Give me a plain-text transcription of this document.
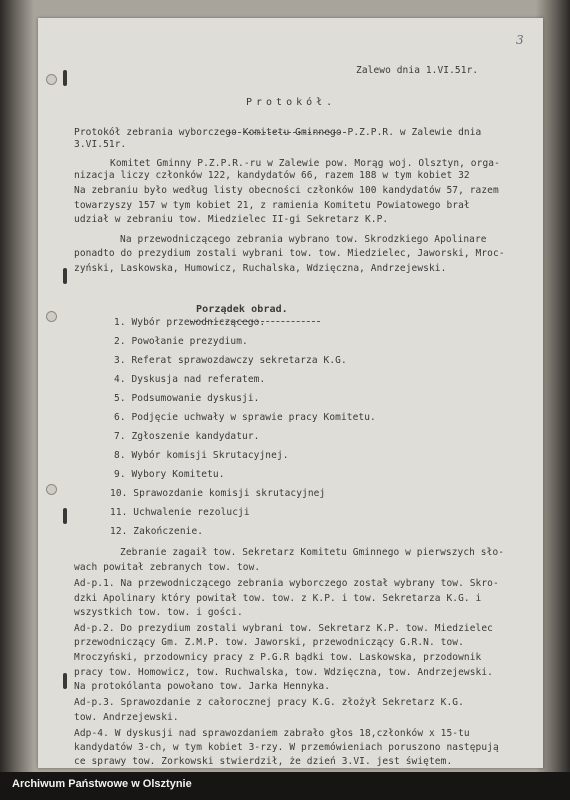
3
Zalewo dnia 1.VI.51r.
Protokół.
Protokół zebrania wyborczego Komitetu Gminnego P.Z.P.R. w Zalewie dnia
3.VI.51r.
Komitet Gminny P.Z.P.R.-ru w Zalewie pow. Morąg woj. Olsztyn, orga-
nizacja liczy członków 122, kandydatów 66, razem 188 w tym kobiet 32
Na zebraniu było według listy obecności członków 100 kandydatów 57, razem
towarzyszy 157 w tym kobiet 21, z ramienia Komitetu Powiatowego brał
udział w zebraniu tow. Miedzielec II-gi Sekretarz K.P.
Na przewodniczącego zebrania wybrano tow. Skrodzkiego Apolinare
ponadto do prezydium zostali wybrani tow. tow. Miedzielec, Jaworski, Mroc-
zyński, Laskowska, Humowicz, Ruchalska, Wdzięczna, Andrzejewski.
Porządek obrad.
1. Wybór przewodniczącego.
2. Powołanie prezydium.
3. Referat sprawozdawczy sekretarza K.G.
4. Dyskusja nad referatem.
5. Podsumowanie dyskusji.
6. Podjęcie uchwały w sprawie pracy Komitetu.
7. Zgłoszenie kandydatur.
8. Wybór komisji Skrutacyjnej.
9. Wybory Komitetu.
10. Sprawozdanie komisji skrutacyjnej
11. Uchwalenie rezolucji
12. Zakończenie.
Zebranie zagaił tow. Sekretarz Komitetu Gminnego w pierwszych sło-
wach powitał zebranych tow. tow.
Ad-p.1. Na przewodniczącego zebrania wyborczego został wybrany tow. Skro-
dzki Apolinary który powitał tow. tow. z K.P. i tow. Sekretarza K.G. i
wszystkich tow. tow. i gości.
Ad-p.2. Do prezydium zostali wybrani tow. Sekretarz K.P. tow. Miedzielec
przewodniczący Gm. Z.M.P. tow. Jaworski, przewodniczący G.R.N. tow.
Mroczyński, przodownicy pracy z P.G.R bądki tow. Laskowska, przodownik
pracy tow. Homowicz, tow. Ruchwalska, tow. Wdzięczna, tow. Andrzejewski.
Na protokólanta powołano tow. Jarka Hennyka.
Ad-p.3. Sprawozdanie z całorocznej pracy K.G. złożył Sekretarz K.G.
tow. Andrzejewski.
Adp-4. W dyskusji nad sprawozdaniem zabrało głos 18,członków x 15-tu
kandydatów 3-ch, w tym kobiet 3-rzy. W przemówieniach poruszono następują
ce sprawy tow. Zorkowski stwierdził, że dzień 3.VI. jest świętem.
Archiwum Państwowe w Olsztynie
